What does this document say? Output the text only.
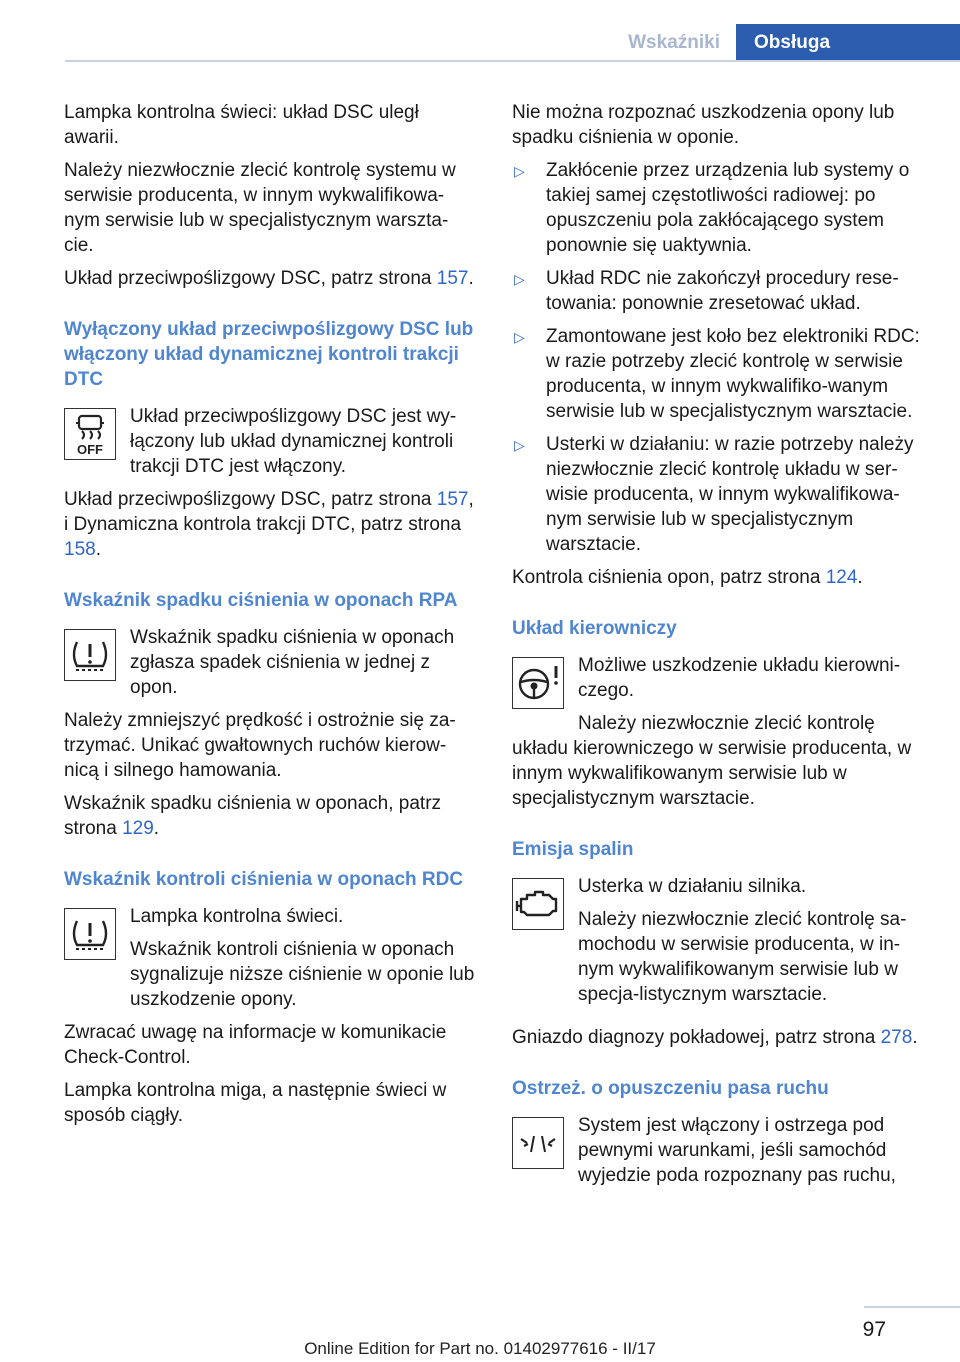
Wskaźniki	Obsługa

Lampka kontrolna świeci: układ DSC uległ awarii.

Należy niezwłocznie zlecić kontrolę systemu w serwisie producenta, w innym wykwalifikowa‐nym serwisie lub w specjalistycznym warszta‐cie.

Układ przeciwpoślizgowy DSC, patrz strona 157.

Wyłączony układ przeciwpoślizgowy DSC lub włączony układ dynamicznej kontroli trakcji DTC
OFF

Układ przeciwpoślizgowy DSC jest wy‐łączony lub układ dynamicznej kontroli trakcji DTC jest włączony.

Układ przeciwpoślizgowy DSC, patrz strona 157, i Dynamiczna kontrola trakcji DTC, patrz strona 158.

Wskaźnik spadku ciśnienia w oponach RPA

Wskaźnik spadku ciśnienia w oponach zgłasza spadek ciśnienia w jednej z opon.

Należy zmniejszyć prędkość i ostrożnie się za‐trzymać. Unikać gwałtownych ruchów kierow‐nicą i silnego hamowania.

Wskaźnik spadku ciśnienia w oponach, patrz strona 129.

Wskaźnik kontroli ciśnienia w oponach RDC

Lampka kontrolna świeci.

Wskaźnik kontroli ciśnienia w oponach sygnalizuje niższe ciśnienie w oponie lub uszkodzenie opony.

Zwracać uwagę na informacje w komunikacie Check-Control.

Lampka kontrolna miga, a następnie świeci w sposób ciągły.

Nie można rozpoznać uszkodzenia opony lub spadku ciśnienia w oponie.

▷ Zakłócenie przez urządzenia lub systemy o takiej samej częstotliwości radiowej: po opuszczeniu pola zakłócającego system ponownie się uaktywnia.
▷ Układ RDC nie zakończył procedury rese‐towania: ponownie zresetować układ.
▷ Zamontowane jest koło bez elektroniki RDC: w razie potrzeby zlecić kontrolę w serwisie producenta, w innym wykwalifiko‐wanym serwisie lub w specjalistycznym warsztacie.
▷ Usterki w działaniu: w razie potrzeby należy niezwłocznie zlecić kontrolę układu w ser‐wisie producenta, w innym wykwalifikowa‐nym serwisie lub w specjalistycznym warsztacie.

Kontrola ciśnienia opon, patrz strona 124.

Układ kierowniczy

Możliwe uszkodzenie układu kierowni‐czego.

Należy niezwłocznie zlecić kontrolę układu kierowniczego w serwisie producenta, w innym wykwalifikowanym serwisie lub w specjalistycznym warsztacie.

Emisja spalin

Usterka w działaniu silnika.

Należy niezwłocznie zlecić kontrolę sa‐mochodu w serwisie producenta, w in‐nym wykwalifikowanym serwisie lub w specja‐listycznym warsztacie.

Gniazdo diagnozy pokładowej, patrz strona 278.

Ostrzeż. o opuszczeniu pasa ruchu

System jest włączony i ostrzega pod pewnymi warunkami, jeśli samochód wyjedzie poda rozpoznany pas ruchu,

97
Online Edition for Part no. 01402977616 - II/17
